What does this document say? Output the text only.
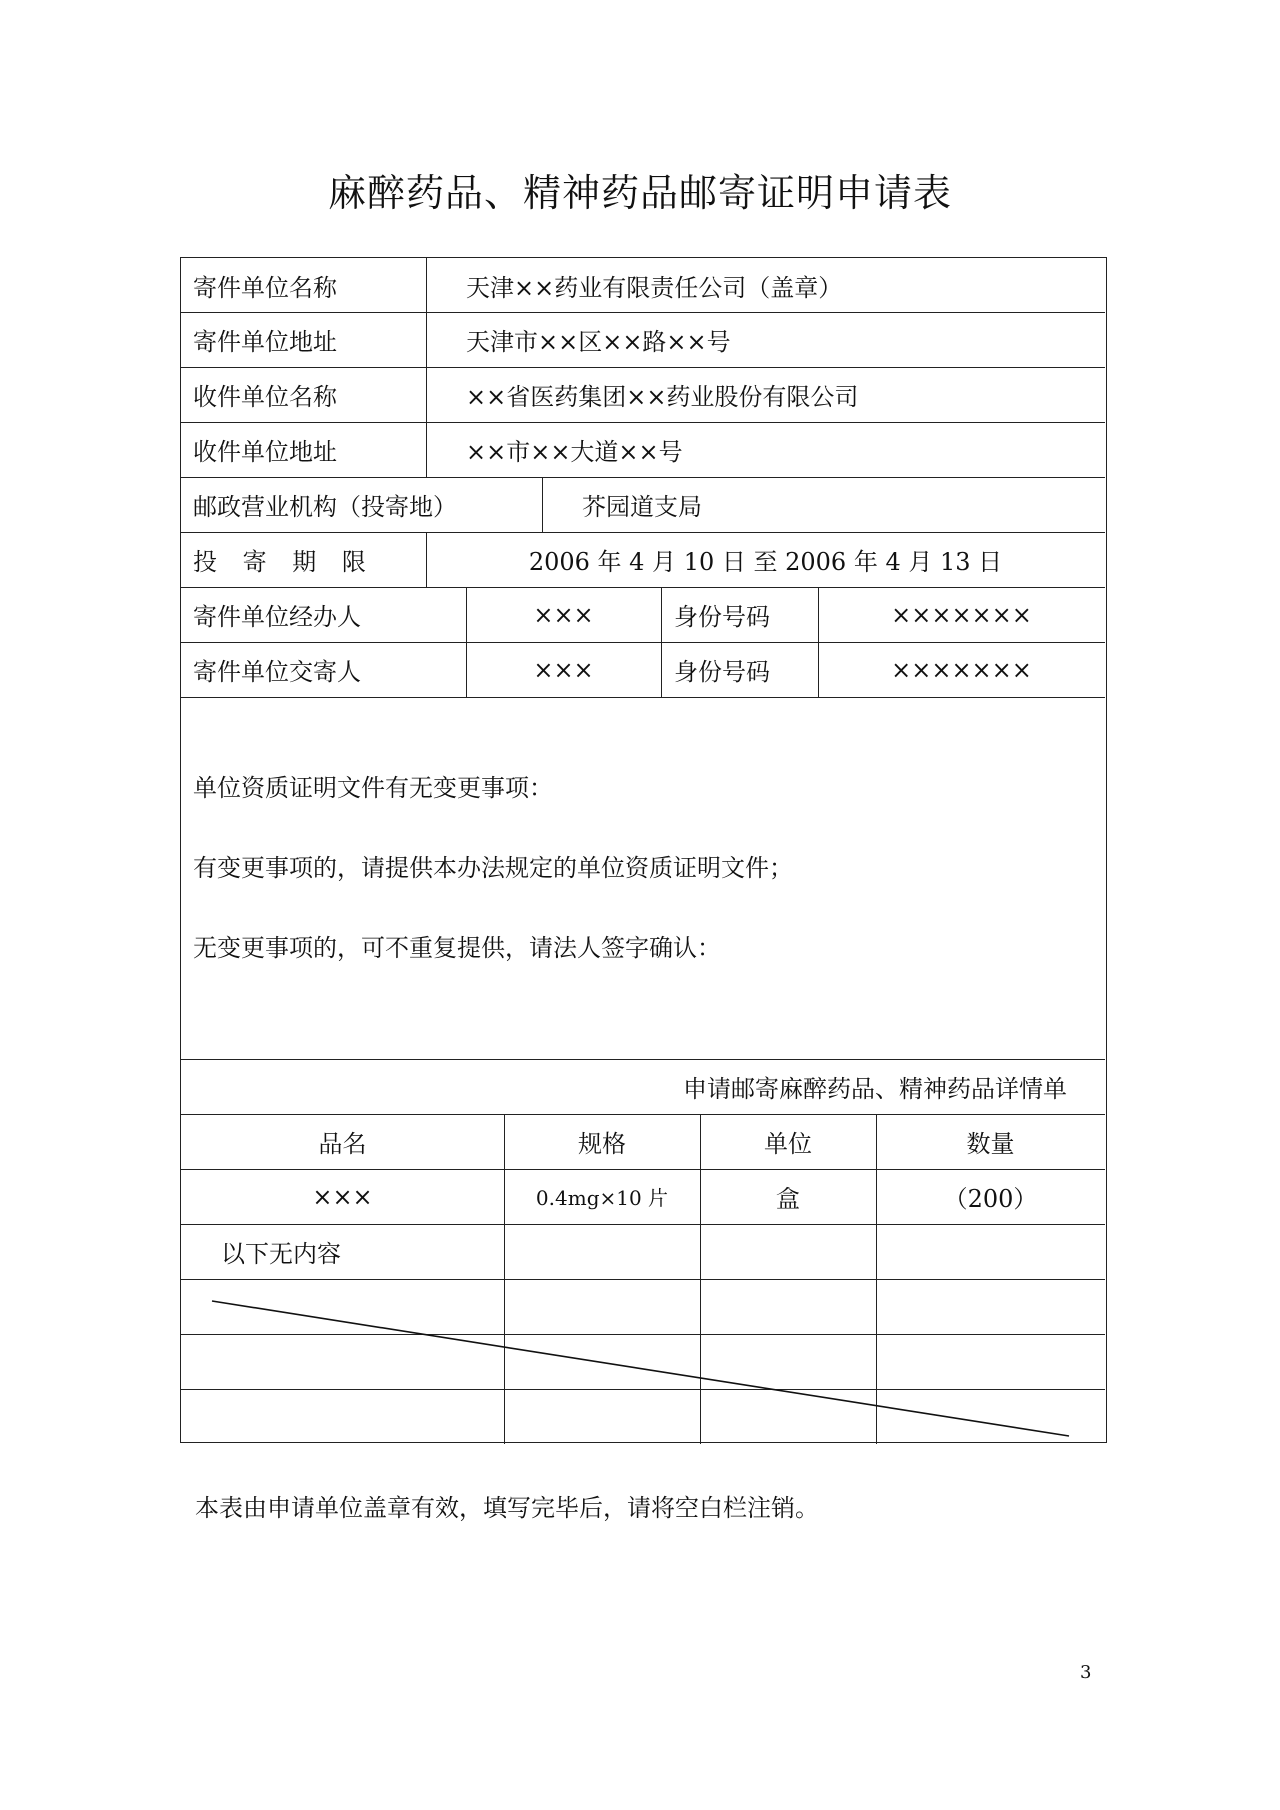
麻醉药品、精神药品邮寄证明申请表
寄件单位名称	天津××药业有限责任公司（盖章）
寄件单位地址	天津市××区××路××号
收件单位名称	××省医药集团××药业股份有限公司
收件单位地址	××市××大道××号
邮政营业机构（投寄地）	芥园道支局
投 寄 期 限	2006 年 4 月 10 日 至 2006 年 4 月 13 日
寄件单位经办人	×××	身份号码	×××××××
寄件单位交寄人	×××	身份号码	×××××××
单位资质证明文件有无变更事项：
有变更事项的，请提供本办法规定的单位资质证明文件；
无变更事项的，可不重复提供，请法人签字确认：
申请邮寄麻醉药品、精神药品详情单
品名	规格	单位	数量
×××	0.4mg×10 片	盒	（200）
以下无内容
本表由申请单位盖章有效，填写完毕后，请将空白栏注销。
3
